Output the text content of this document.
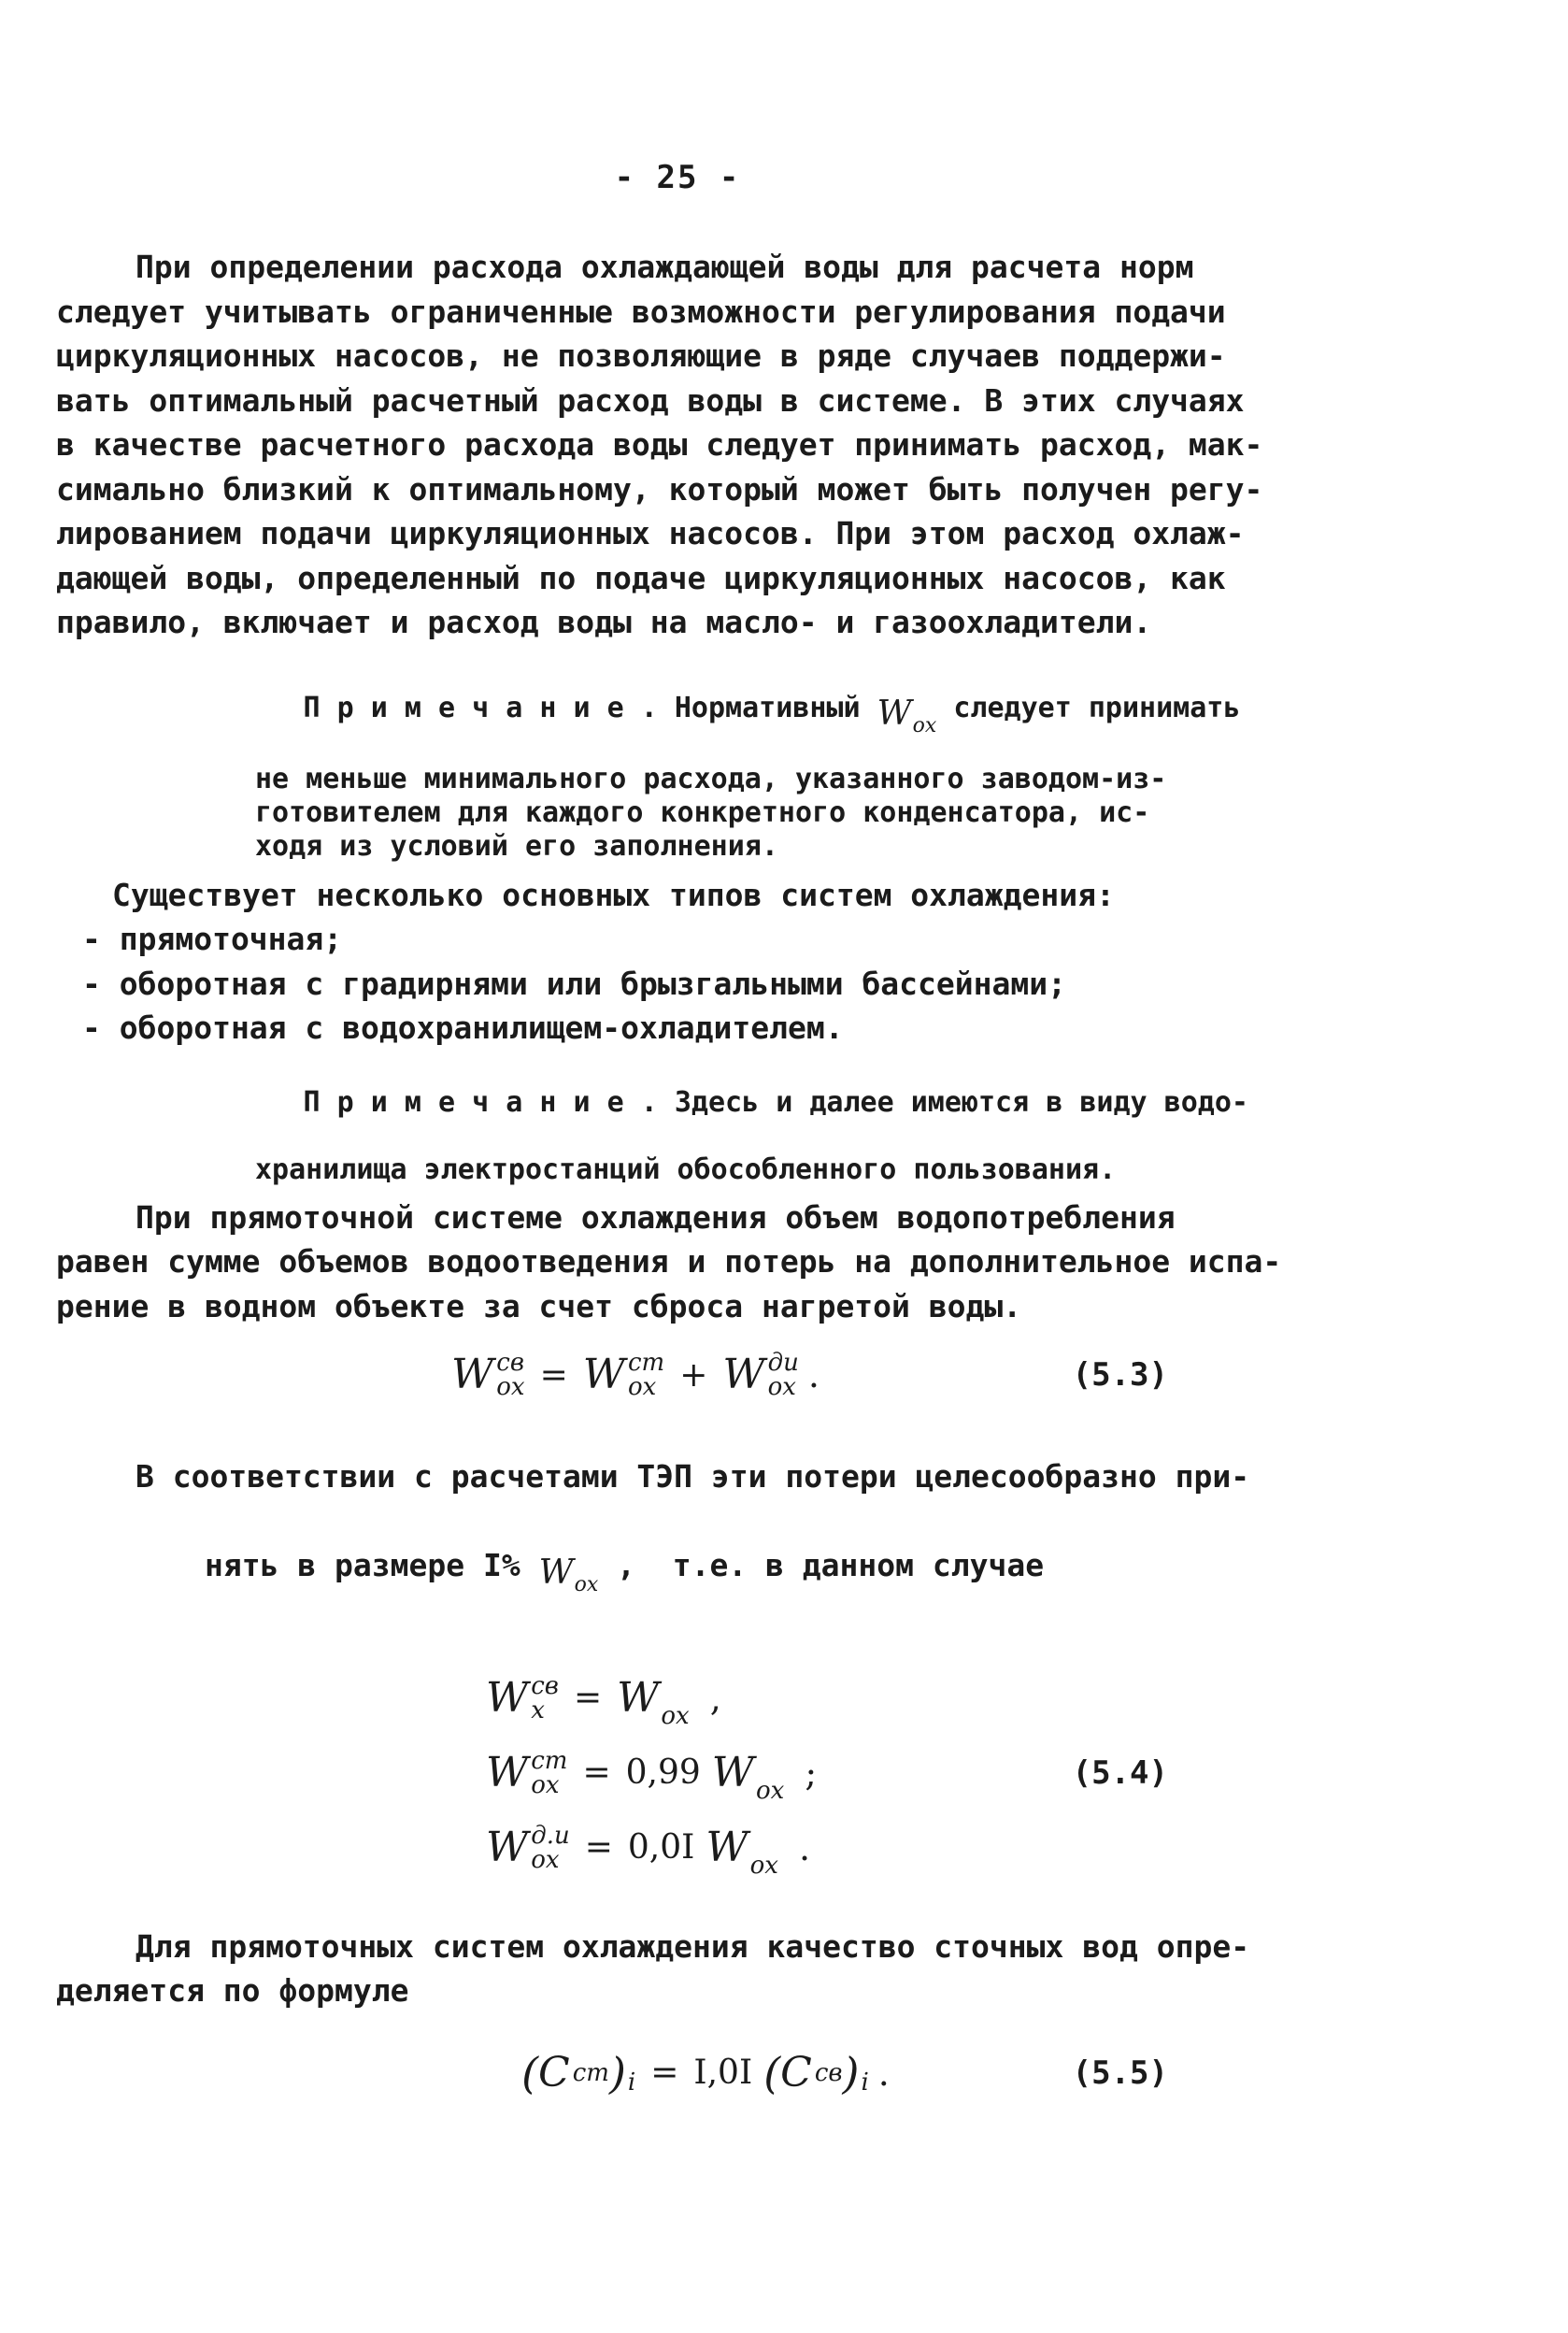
- 25 -
При определении расхода охлаждающей воды для расчета норм
следует учитывать ограниченные возможности регулирования подачи
циркуляционных насосов, не позволяющие в ряде случаев поддержи-
вать оптимальный расчетный расход воды в системе. В этих случаях
в качестве расчетного расхода воды следует принимать расход, мак-
симально близкий к оптимальному, который может быть получен регу-
лированием подачи циркуляционных насосов. При этом расход охлаж-
дающей воды, определенный по подаче циркуляционных насосов, как
правило, включает и расход воды на масло- и газоохладители.

П р и м е ч а н и е . Нормативный W ох
следует принимать

не меньше минимального расхода, указанного заводом-из-
готовителем для каждого конкретного конденсатора, ис-
ходя из условий его заполнения.
Существует несколько основных типов систем охлаждения:
- прямоточная;
- оборотная с градирнями или брызгальными бассейнами;
- оборотная с водохранилищем-охладителем.

П р и м е ч а н и е . Здесь и далее имеются в виду водо-

хранилища электростанций обособленного пользования.
При прямоточной системе охлаждения объем водопотребления
равен сумме объемов водоотведения и потерь на дополнительное испа-
рение в водном объекте за счет сброса нагретой воды.
W св
ох = W ст
ох + W ди
ох .	(5.3)
В соответствии с расчетами ТЭП эти потери целесообразно при-

нять в размере I% W ох
,  т.е. в данном случае

W св
х = W ох ,
W ст
ох = 0,99 W ох ;
W д.и
ох = 0,0I W ох .
(5.4)
Для прямоточных систем охлаждения качество сточных вод опре-
деляется по формуле
( C ст ) i = I,0I ( C св ) i .	(5.5)
